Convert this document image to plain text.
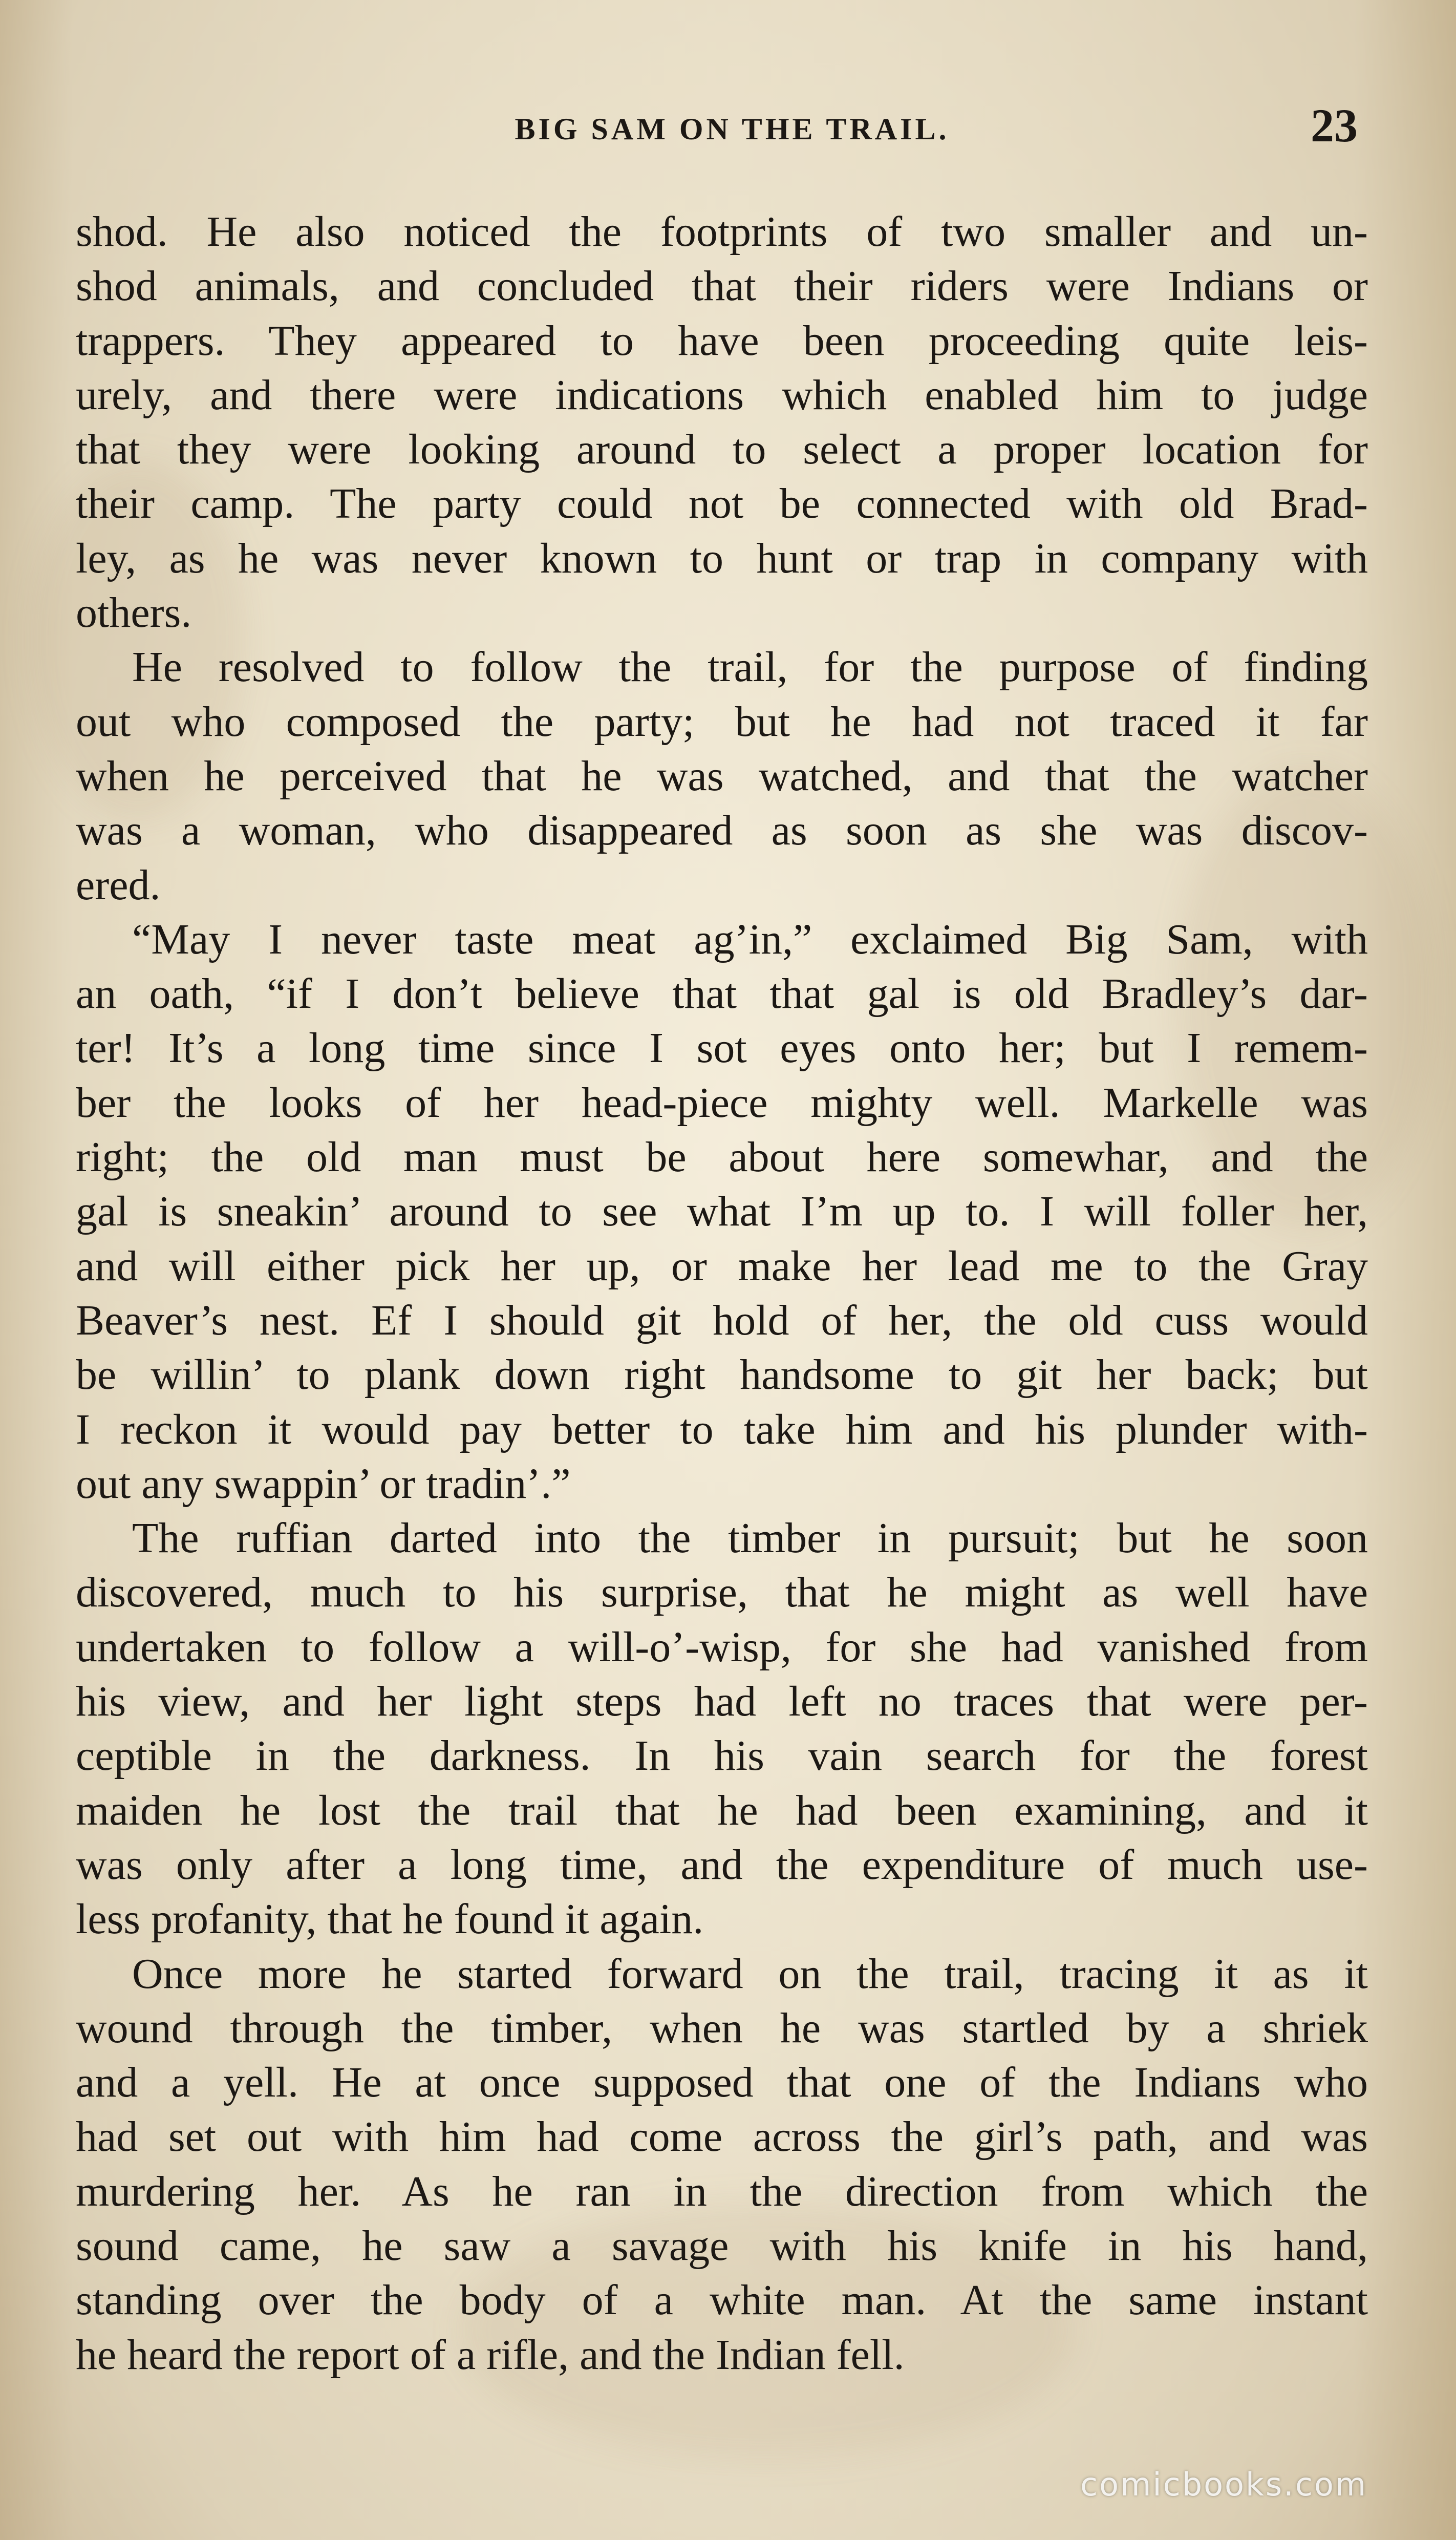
BIG SAM ON THE TRAIL.	23
shod. He also noticed the footprints of two smaller and un-
shod animals, and concluded that their riders were Indians or
trappers. They appeared to have been proceeding quite leis-
urely, and there were indications which enabled him to judge
that they were looking around to select a proper location for
their camp. The party could not be connected with old Brad-
ley, as he was never known to hunt or trap in company with
others.
He resolved to follow the trail, for the purpose of finding
out who composed the party; but he had not traced it far
when he perceived that he was watched, and that the watcher
was a woman, who disappeared as soon as she was discov-
ered.
“May I never taste meat ag’in,” exclaimed Big Sam, with
an oath, “if I don’t believe that that gal is old Bradley’s dar-
ter! It’s a long time since I sot eyes onto her; but I remem-
ber the looks of her head-piece mighty well. Markelle was
right; the old man must be about here somewhar, and the
gal is sneakin’ around to see what I’m up to. I will foller her,
and will either pick her up, or make her lead me to the Gray
Beaver’s nest. Ef I should git hold of her, the old cuss would
be willin’ to plank down right handsome to git her back; but
I reckon it would pay better to take him and his plunder with-
out any swappin’ or tradin’.”
The ruffian darted into the timber in pursuit; but he soon
discovered, much to his surprise, that he might as well have
undertaken to follow a will-o’-wisp, for she had vanished from
his view, and her light steps had left no traces that were per-
ceptible in the darkness. In his vain search for the forest
maiden he lost the trail that he had been examining, and it
was only after a long time, and the expenditure of much use-
less profanity, that he found it again.
Once more he started forward on the trail, tracing it as it
wound through the timber, when he was startled by a shriek
and a yell. He at once supposed that one of the Indians who
had set out with him had come across the girl’s path, and was
murdering her. As he ran in the direction from which the
sound came, he saw a savage with his knife in his hand,
standing over the body of a white man. At the same instant
he heard the report of a rifle, and the Indian fell.
comicbooks.com
